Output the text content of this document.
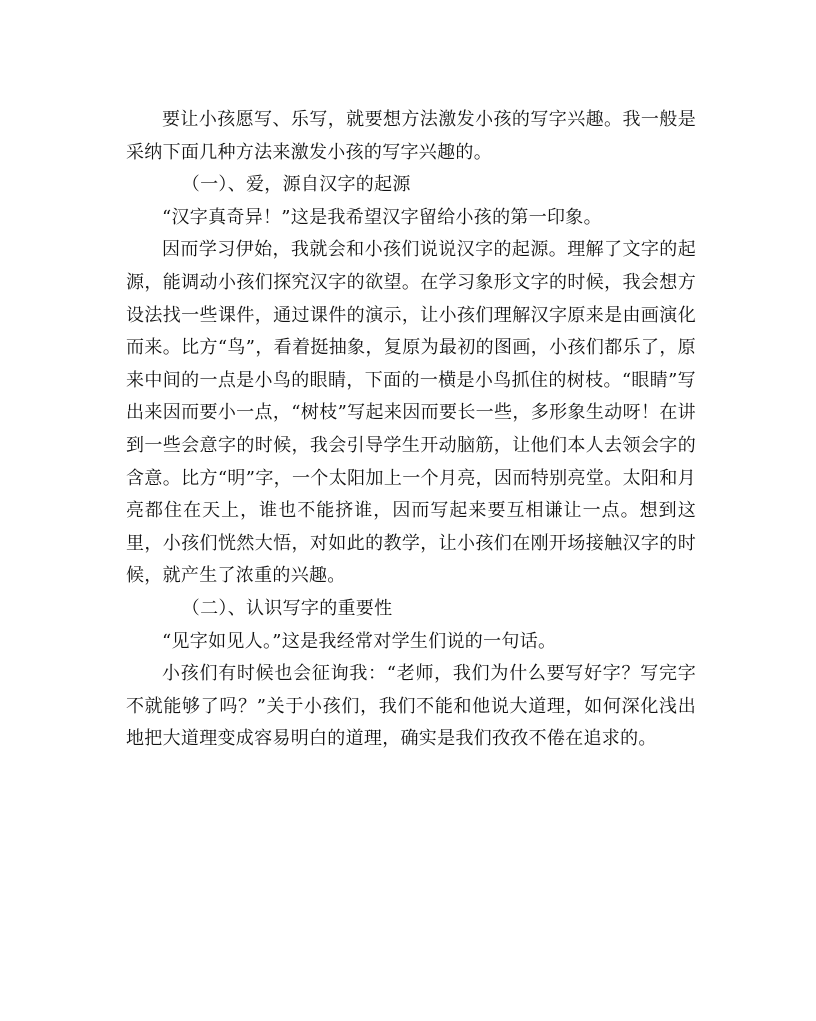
要让小孩愿写、乐写，就要想方法激发小孩的写字兴趣。我一般是采纳下面几种方法来激发小孩的写字兴趣的。

（一）、爱，源自汉字的起源

“汉字真奇异！”这是我希望汉字留给小孩的第一印象。

因而学习伊始，我就会和小孩们说说汉字的起源。理解了文字的起源，能调动小孩们探究汉字的欲望。在学习象形文字的时候，我会想方设法找一些课件，通过课件的演示，让小孩们理解汉字原来是由画演化而来。比方“鸟”，看着挺抽象，复原为最初的图画，小孩们都乐了，原来中间的一点是小鸟的眼睛，下面的一横是小鸟抓住的树枝。“眼睛”写出来因而要小一点，“树枝”写起来因而要长一些，多形象生动呀！在讲到一些会意字的时候，我会引导学生开动脑筋，让他们本人去领会字的含意。比方“明”字，一个太阳加上一个月亮，因而特别亮堂。太阳和月亮都住在天上，谁也不能挤谁，因而写起来要互相谦让一点。想到这里，小孩们恍然大悟，对如此的教学，让小孩们在刚开场接触汉字的时候，就产生了浓重的兴趣。

（二）、认识写字的重要性

“见字如见人。”这是我经常对学生们说的一句话。

小孩们有时候也会征询我：“老师，我们为什么要写好字？写完字不就能够了吗？”关于小孩们，我们不能和他说大道理，如何深化浅出地把大道理变成容易明白的道理，确实是我们孜孜不倦在追求的。
